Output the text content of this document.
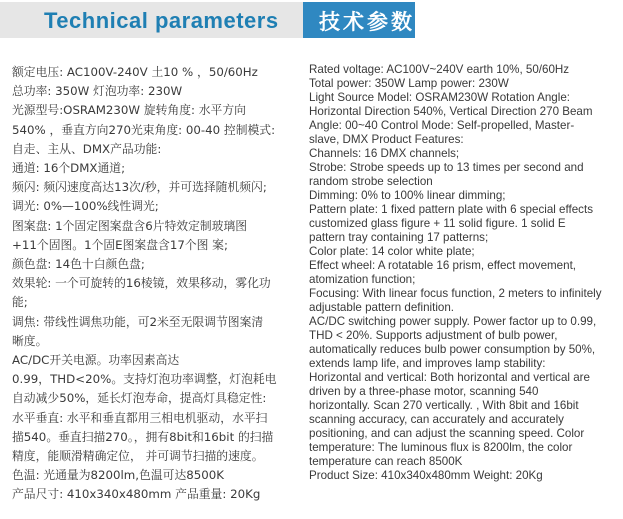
Technical parameters 技术参数
额定电压: AC100V-240V 土10 % ，50/60Hz
总功率: 350W 灯泡功率: 230W
光源型号:OSRAM230W 旋转角度: 水平方向
540% ，垂直方向270光束角度: 00-40 控制模式:
自走、主从、DMX产品功能:
通道: 16个DMX通道;
频闪: 频闪速度高达13次/秒，并可选择随机频闪;
调光: 0%—100%线性调光;
图案盘: 1个固定图案盘含6片特效定制玻璃图
+11个固图。1个固E图案盘含17个图 案;
颜色盘: 14色十白颜色盘;
效果轮: 一个可旋转的16棱镜，效果移动，雾化功
能;
调焦: 带线性调焦功能，可2米至无限调节图案清
晰度。
AC/DC开关电源。功率因素高达
0.99，THD<20%。支持灯泡功率调整，灯泡耗电
自动减少50%，延长灯泡寿命，提高灯具稳定性:
水平垂直: 水平和垂直都用三相电机驱动，水平扫
描540。垂直扫描270。，拥有8bit和16bit 的扫描
精度，能顺滑精确定位， 并可调节扫描的速度。
色温: 光通量为8200lm,色温可达8500K
产品尺寸: 410x340x480mm 产品重量: 20Kg
Rated voltage: AC100V~240V earth 10%, 50/60Hz
Total power: 350W Lamp power: 230W
Light Source Model: OSRAM230W Rotation Angle:
Horizontal Direction 540%, Vertical Direction 270 Beam
Angle: 00~40 Control Mode: Self-propelled, Master-
slave, DMX Product Features:
Channels: 16 DMX channels;
Strobe: Strobe speeds up to 13 times per second and
random strobe selection
Dimming: 0% to 100% linear dimming;
Pattern plate: 1 fixed pattern plate with 6 special effects
customized glass figure + 11 solid figure. 1 solid E
pattern tray containing 17 patterns;
Color plate: 14 color white plate;
Effect wheel: A rotatable 16 prism, effect movement,
atomization function;
Focusing: With linear focus function, 2 meters to infinitely
adjustable pattern definition.
AC/DC switching power supply. Power factor up to 0.99,
THD < 20%. Supports adjustment of bulb power,
automatically reduces bulb power consumption by 50%,
extends lamp life, and improves lamp stability:
Horizontal and vertical: Both horizontal and vertical are
driven by a three-phase motor, scanning 540
horizontally. Scan 270 vertically. , With 8bit and 16bit
scanning accuracy, can accurately and accurately
positioning, and can adjust the scanning speed. Color
temperature: The luminous flux is 8200lm, the color
temperature can reach 8500K
Product Size: 410x340x480mm Weight: 20Kg
